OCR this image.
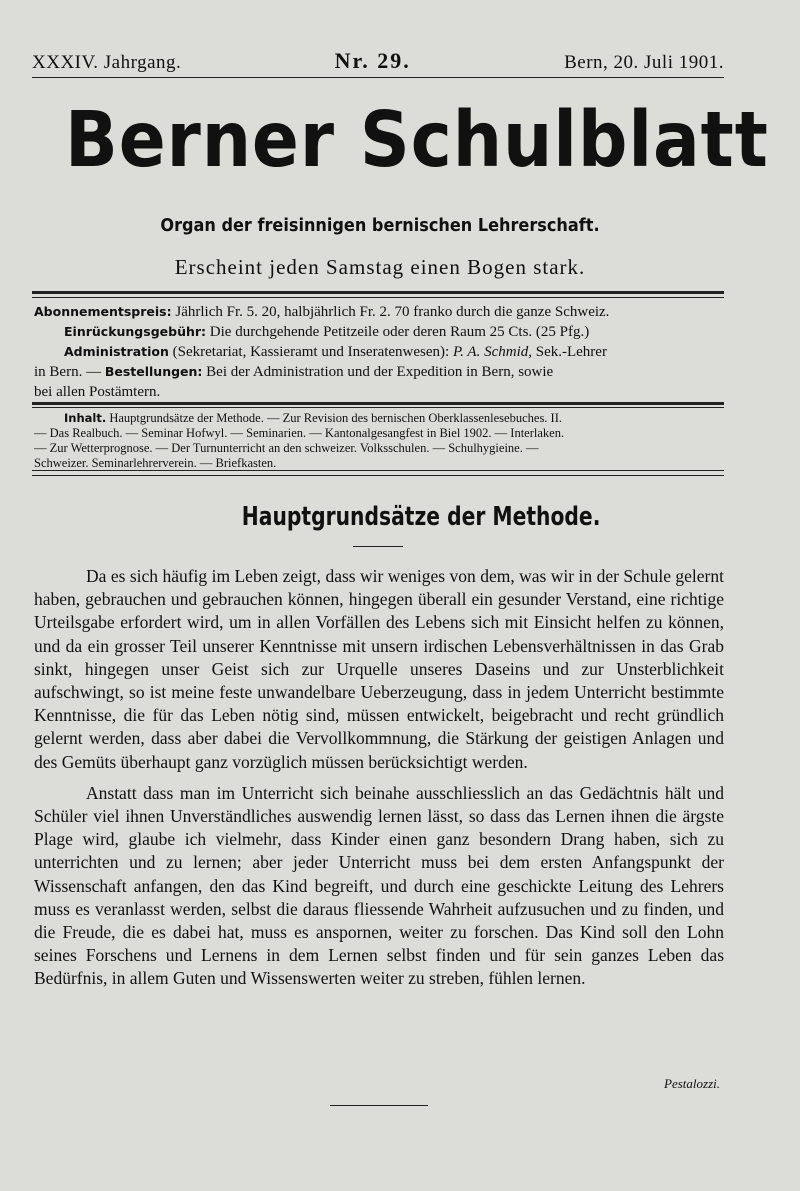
XXXIV. Jahrgang.	Nr. 29.	Bern, 20. Juli 1901.
Berner Schulblatt
Organ der freisinnigen bernischen Lehrerschaft.
Erscheint jeden Samstag einen Bogen stark.
Abonnementspreis: Jährlich Fr. 5. 20, halbjährlich Fr. 2. 70 franko durch die ganze Schweiz.
Einrückungsgebühr: Die durchgehende Petitzeile oder deren Raum 25 Cts. (25 Pfg.)
Administration (Sekretariat, Kassieramt und Inseratenwesen): P. A. Schmid, Sek.-Lehrer
in Bern. — Bestellungen: Bei der Administration und der Expedition in Bern, sowie
bei allen Postämtern.
Inhalt. Hauptgrundsätze der Methode. — Zur Revision des bernischen Oberklassenlesebuches. II.
— Das Realbuch. — Seminar Hofwyl. — Seminarien. — Kantonalgesangfest in Biel 1902. — Interlaken.
— Zur Wetterprognose. — Der Turnunterricht an den schweizer. Volksschulen. — Schulhygieine. —
Schweizer. Seminarlehrerverein. — Briefkasten.
Hauptgrundsätze der Methode.

Da es sich häufig im Leben zeigt, dass wir weniges von dem, was wir in der Schule gelernt haben, gebrauchen und gebrauchen können, hingegen überall ein gesunder Verstand, eine richtige Urteilsgabe erfordert wird, um in allen Vorfällen des Lebens sich mit Einsicht helfen zu können, und da ein grosser Teil unserer Kenntnisse mit unsern irdischen Lebensverhältnissen in das Grab sinkt, hingegen unser Geist sich zur Urquelle unseres Daseins und zur Unsterblichkeit aufschwingt, so ist meine feste unwandelbare Ueberzeugung, dass in jedem Unterricht bestimmte Kenntnisse, die für das Leben nötig sind, müssen entwickelt, beigebracht und recht gründlich gelernt werden, dass aber dabei die Vervollkommnung, die Stärkung der geistigen Anlagen und des Gemüts überhaupt ganz vorzüglich müssen berücksichtigt werden.

Anstatt dass man im Unterricht sich beinahe ausschliesslich an das Gedächtnis hält und Schüler viel ihnen Unverständliches auswendig lernen lässt, so dass das Lernen ihnen die ärgste Plage wird, glaube ich vielmehr, dass Kinder einen ganz besondern Drang haben, sich zu unterrichten und zu lernen; aber jeder Unterricht muss bei dem ersten Anfangspunkt der Wissenschaft anfangen, den das Kind begreift, und durch eine geschickte Leitung des Lehrers muss es veranlasst werden, selbst die daraus fliessende Wahrheit aufzusuchen und zu finden, und die Freude, die es dabei hat, muss es anspornen, weiter zu forschen. Das Kind soll den Lohn seines Forschens und Lernens in dem Lernen selbst finden und für sein ganzes Leben das Bedürfnis, in allem Guten und Wissenswerten weiter zu streben, fühlen lernen.

Pestalozzi.
